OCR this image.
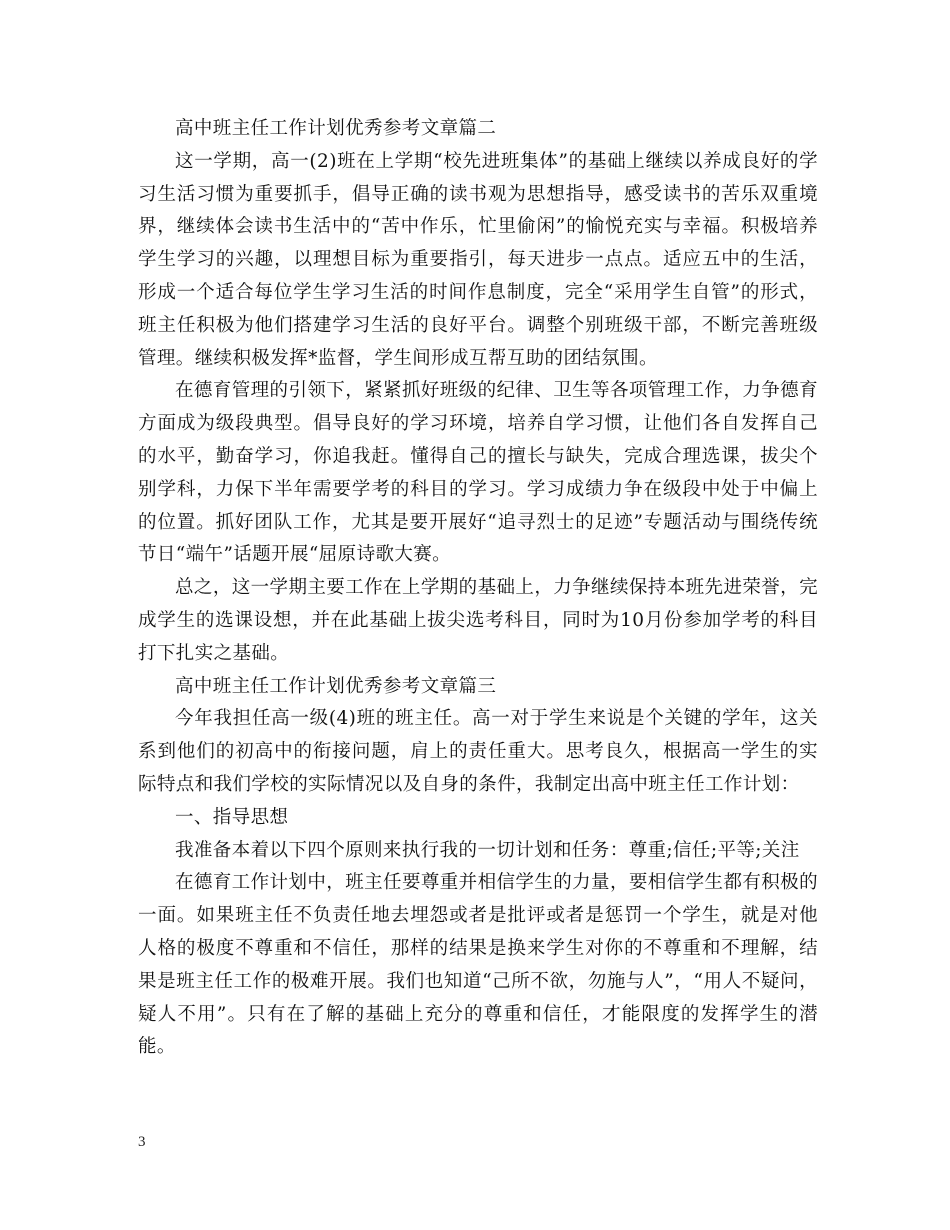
高中班主任工作计划优秀参考文章篇二

这一学期，高一(2)班在上学期“校先进班集体”的基础上继续以养成良好的学习生活习惯为重要抓手，倡导正确的读书观为思想指导，感受读书的苦乐双重境界，继续体会读书生活中的“苦中作乐，忙里偷闲”的愉悦充实与幸福。积极培养学生学习的兴趣，以理想目标为重要指引，每天进步一点点。适应五中的生活，形成一个适合每位学生学习生活的时间作息制度，完全“采用学生自管”的形式，班主任积极为他们搭建学习生活的良好平台。调整个别班级干部，不断完善班级管理。继续积极发挥*监督，学生间形成互帮互助的团结氛围。

在德育管理的引领下，紧紧抓好班级的纪律、卫生等各项管理工作，力争德育方面成为级段典型。倡导良好的学习环境，培养自学习惯，让他们各自发挥自己的水平，勤奋学习，你追我赶。懂得自己的擅长与缺失，完成合理选课，拔尖个别学科，力保下半年需要学考的科目的学习。学习成绩力争在级段中处于中偏上的位置。抓好团队工作，尤其是要开展好“追寻烈士的足迹”专题活动与围绕传统节日“端午”话题开展“屈原诗歌大赛。

总之，这一学期主要工作在上学期的基础上，力争继续保持本班先进荣誉，完成学生的选课设想，并在此基础上拔尖选考科目，同时为10月份参加学考的科目打下扎实之基础。

高中班主任工作计划优秀参考文章篇三

今年我担任高一级(4)班的班主任。高一对于学生来说是个关键的学年，这关系到他们的初高中的衔接问题，肩上的责任重大。思考良久，根据高一学生的实际特点和我们学校的实际情况以及自身的条件，我制定出高中班主任工作计划：

一、指导思想

我准备本着以下四个原则来执行我的一切计划和任务：尊重;信任;平等;关注

在德育工作计划中，班主任要尊重并相信学生的力量，要相信学生都有积极的一面。如果班主任不负责任地去埋怨或者是批评或者是惩罚一个学生，就是对他人格的极度不尊重和不信任，那样的结果是换来学生对你的不尊重和不理解，结果是班主任工作的极难开展。我们也知道“己所不欲，勿施与人”，“用人不疑问，疑人不用”。只有在了解的基础上充分的尊重和信任，才能限度的发挥学生的潜能。

3
